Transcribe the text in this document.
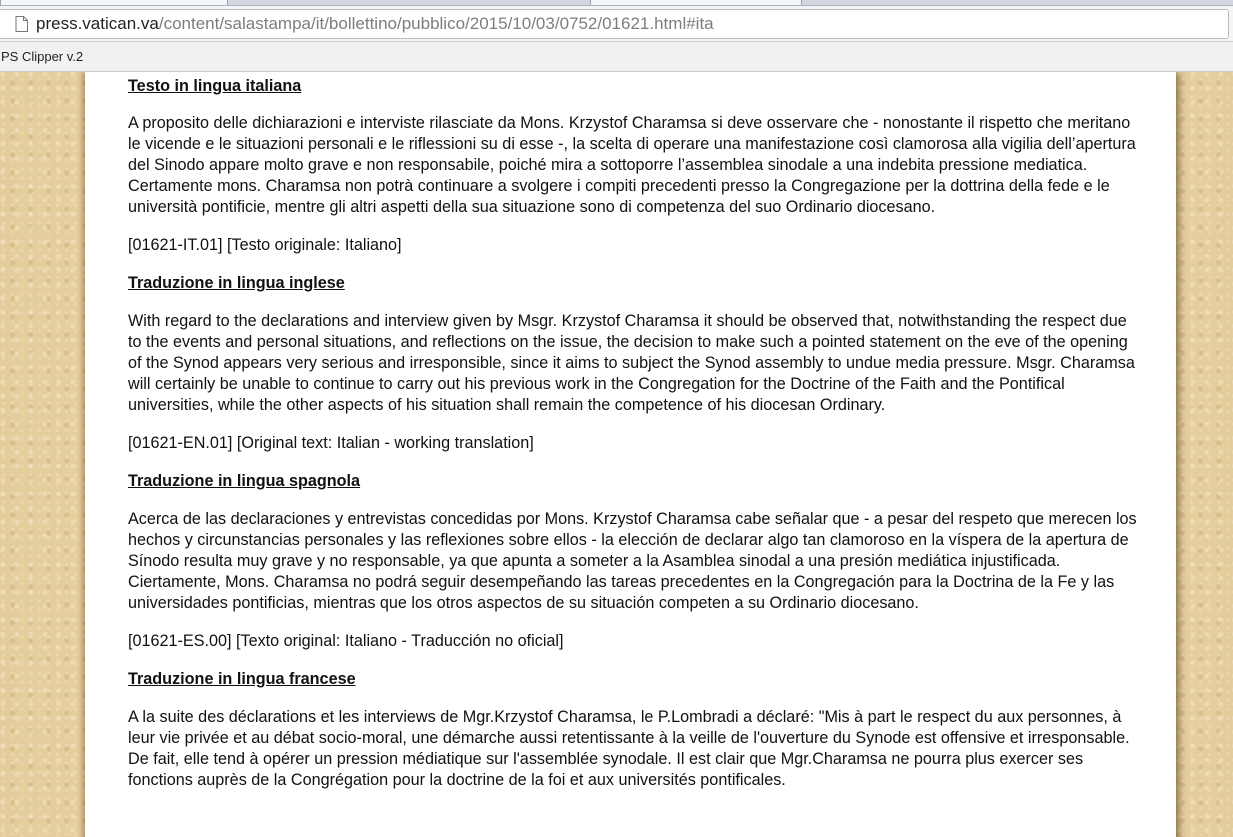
press.vatican.va/content/salastampa/it/bollettino/pubblico/2015/10/03/0752/01621.html#ita
PS Clipper v.2

Testo in lingua italiana

A proposito delle dichiarazioni e interviste rilasciate da Mons. Krzystof Charamsa si deve osservare che - nonostante il rispetto che meritano le vicende e le situazioni personali e le riflessioni su di esse -, la scelta di operare una manifestazione così clamorosa alla vigilia dell’apertura del Sinodo appare molto grave e non responsabile, poiché mira a sottoporre l’assemblea sinodale a una indebita pressione mediatica. Certamente mons. Charamsa non potrà continuare a svolgere i compiti precedenti presso la Congregazione per la dottrina della fede e le università pontificie, mentre gli altri aspetti della sua situazione sono di competenza del suo Ordinario diocesano.

[01621-IT.01] [Testo originale: Italiano]

Traduzione in lingua inglese

With regard to the declarations and interview given by Msgr. Krzystof Charamsa it should be observed that, notwithstanding the respect due to the events and personal situations, and reflections on the issue, the decision to make such a pointed statement on the eve of the opening of the Synod appears very serious and irresponsible, since it aims to subject the Synod assembly to undue media pressure. Msgr. Charamsa will certainly be unable to continue to carry out his previous work in the Congregation for the Doctrine of the Faith and the Pontifical universities, while the other aspects of his situation shall remain the competence of his diocesan Ordinary.

[01621-EN.01] [Original text: Italian - working translation]

Traduzione in lingua spagnola

Acerca de las declaraciones y entrevistas concedidas por Mons. Krzystof Charamsa cabe señalar que - a pesar del respeto que merecen los hechos y circunstancias personales y las reflexiones sobre ellos - la elección de declarar algo tan clamoroso en la víspera de la apertura de Sínodo resulta muy grave y no responsable, ya que apunta a someter a la Asamblea sinodal a una presión mediática injustificada. Ciertamente, Mons. Charamsa no podrá seguir desempeñando las tareas precedentes en la Congregación para la Doctrina de la Fe y las universidades pontificias, mientras que los otros aspectos de su situación competen a su Ordinario diocesano.

[01621-ES.00] [Texto original: Italiano - Traducción no oficial]

Traduzione in lingua francese

A la suite des déclarations et les interviews de Mgr.Krzystof Charamsa, le P.Lombradi a déclaré: "Mis à part le respect du aux personnes, à leur vie privée et au débat socio-moral, une démarche aussi retentissante à la veille de l'ouverture du Synode est offensive et irresponsable. De fait, elle tend à opérer un pression médiatique sur l'assemblée synodale. Il est clair que Mgr.Charamsa ne pourra plus exercer ses fonctions auprès de la Congrégation pour la doctrine de la foi et aux universités pontificales.
